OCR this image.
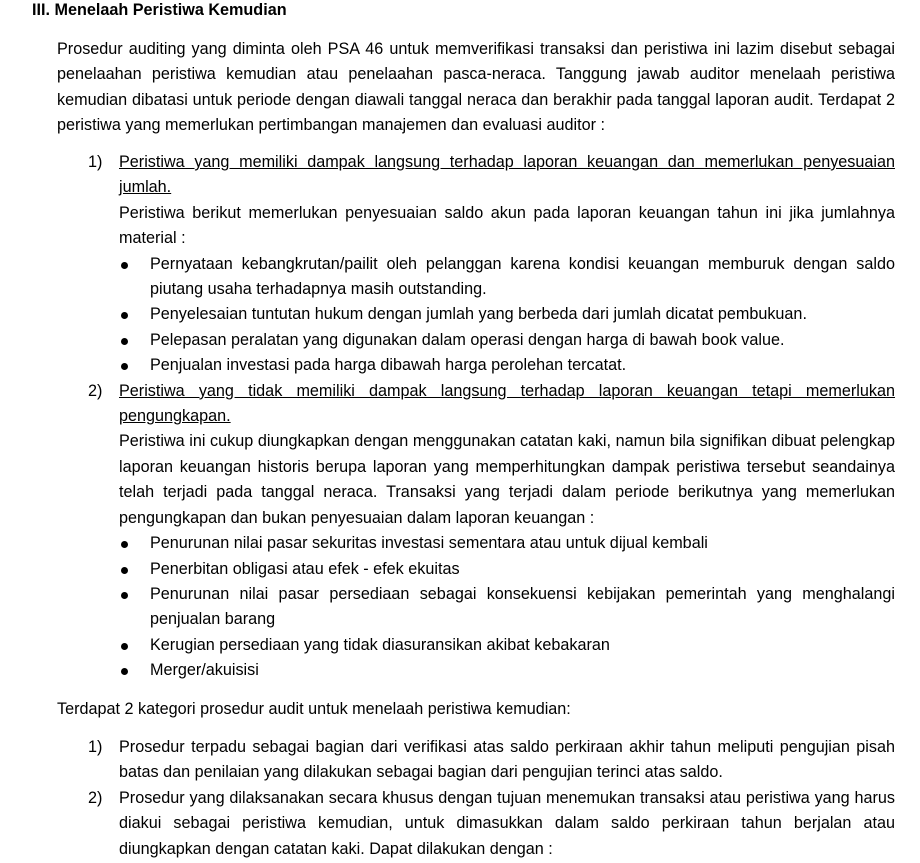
III. Menelaah Peristiwa Kemudian

Prosedur auditing yang diminta oleh PSA 46 untuk memverifikasi transaksi dan peristiwa ini lazim disebut sebagai penelaahan peristiwa kemudian atau penelaahan pasca-neraca. Tanggung jawab auditor menelaah peristiwa kemudian dibatasi untuk periode dengan diawali tanggal neraca dan berakhir pada tanggal laporan audit. Terdapat 2 peristiwa yang memerlukan pertimbangan manajemen dan evaluasi auditor :

1) Peristiwa yang memiliki dampak langsung terhadap laporan keuangan dan memerlukan penyesuaian jumlah.
Peristiwa berikut memerlukan penyesuaian saldo akun pada laporan keuangan tahun ini jika jumlahnya material :
Pernyataan kebangkrutan/pailit oleh pelanggan karena kondisi keuangan memburuk dengan saldo piutang usaha terhadapnya masih outstanding.
Penyelesaian tuntutan hukum dengan jumlah yang berbeda dari jumlah dicatat pembukuan.
Pelepasan peralatan yang digunakan dalam operasi dengan harga di bawah book value.
Penjualan investasi pada harga dibawah harga perolehan tercatat.
2) Peristiwa yang tidak memiliki dampak langsung terhadap laporan keuangan tetapi memerlukan pengungkapan.
Peristiwa ini cukup diungkapkan dengan menggunakan catatan kaki, namun bila signifikan dibuat pelengkap laporan keuangan historis berupa laporan yang memperhitungkan dampak peristiwa tersebut seandainya telah terjadi pada tanggal neraca. Transaksi yang terjadi dalam periode berikutnya yang memerlukan pengungkapan dan bukan penyesuaian dalam laporan keuangan :
Penurunan nilai pasar sekuritas investasi sementara atau untuk dijual kembali
Penerbitan obligasi atau efek - efek ekuitas
Penurunan nilai pasar persediaan sebagai konsekuensi kebijakan pemerintah yang menghalangi penjualan barang
Kerugian persediaan yang tidak diasuransikan akibat kebakaran
Merger/akuisisi

Terdapat 2 kategori prosedur audit untuk menelaah peristiwa kemudian:

1) Prosedur terpadu sebagai bagian dari verifikasi atas saldo perkiraan akhir tahun meliputi pengujian pisah batas dan penilaian yang dilakukan sebagai bagian dari pengujian terinci atas saldo.
2) Prosedur yang dilaksanakan secara khusus dengan tujuan menemukan transaksi atau peristiwa yang harus diakui sebagai peristiwa kemudian, untuk dimasukkan dalam saldo perkiraan tahun berjalan atau diungkapkan dengan catatan kaki. Dapat dilakukan dengan :
